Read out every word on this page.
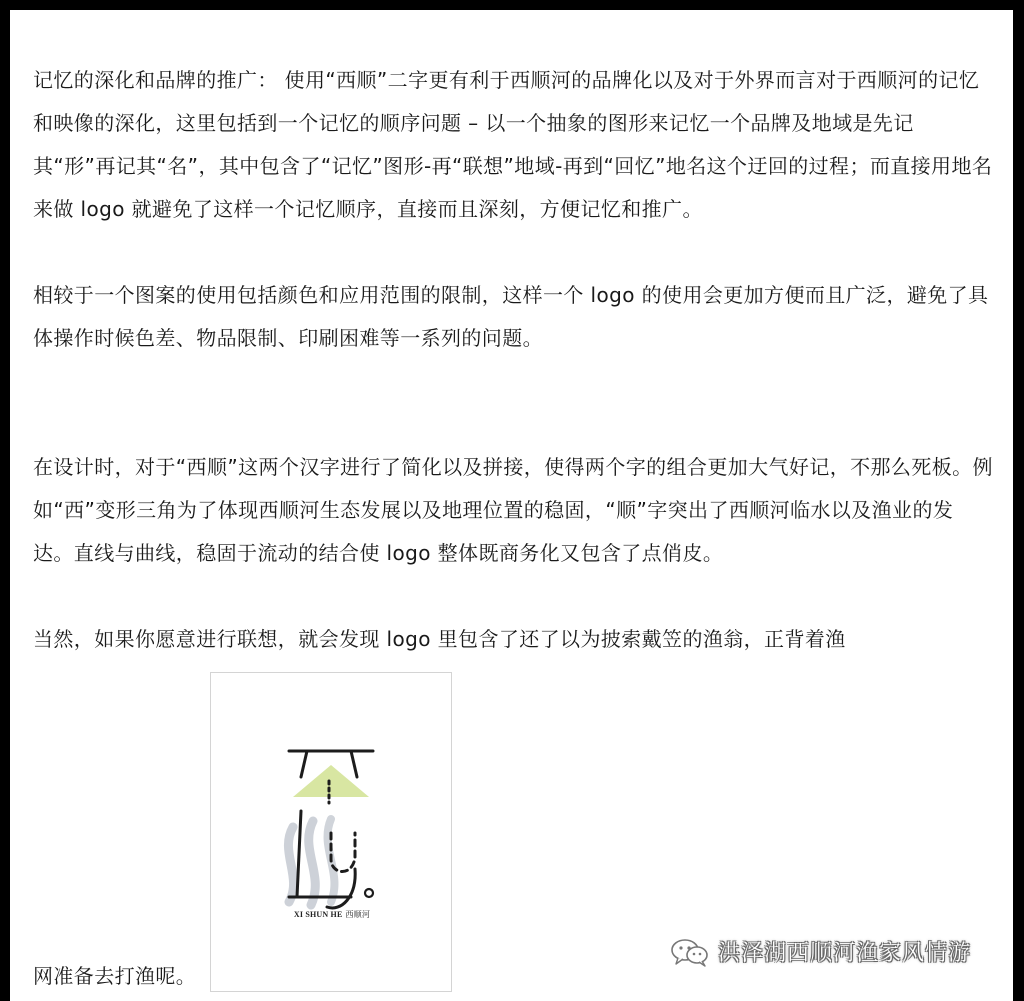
记忆的深化和品牌的推广： 使用“西顺”二字更有利于西顺河的品牌化以及对于外界而言对于西顺河的记忆和映像的深化，这里包括到一个记忆的顺序问题 – 以一个抽象的图形来记忆一个品牌及地域是先记其“形”再记其“名”，其中包含了“记忆”图形-再“联想”地域-再到“回忆”地名这个迂回的过程；而直接用地名来做 logo 就避免了这样一个记忆顺序，直接而且深刻，方便记忆和推广。

相较于一个图案的使用包括颜色和应用范围的限制，这样一个 logo 的使用会更加方便而且广泛，避免了具体操作时候色差、物品限制、印刷困难等一系列的问题。

在设计时，对于“西顺”这两个汉字进行了简化以及拼接，使得两个字的组合更加大气好记，不那么死板。例如“西”变形三角为了体现西顺河生态发展以及地理位置的稳固，“顺”字突出了西顺河临水以及渔业的发达。直线与曲线，稳固于流动的结合使 logo 整体既商务化又包含了点俏皮。

当然，如果你愿意进行联想，就会发现 logo 里包含了还了以为披索戴笠的渔翁，正背着渔

网准备去打渔呢。

XI SHUN HE 西顺河
洪泽湖西顺河渔家风情游
